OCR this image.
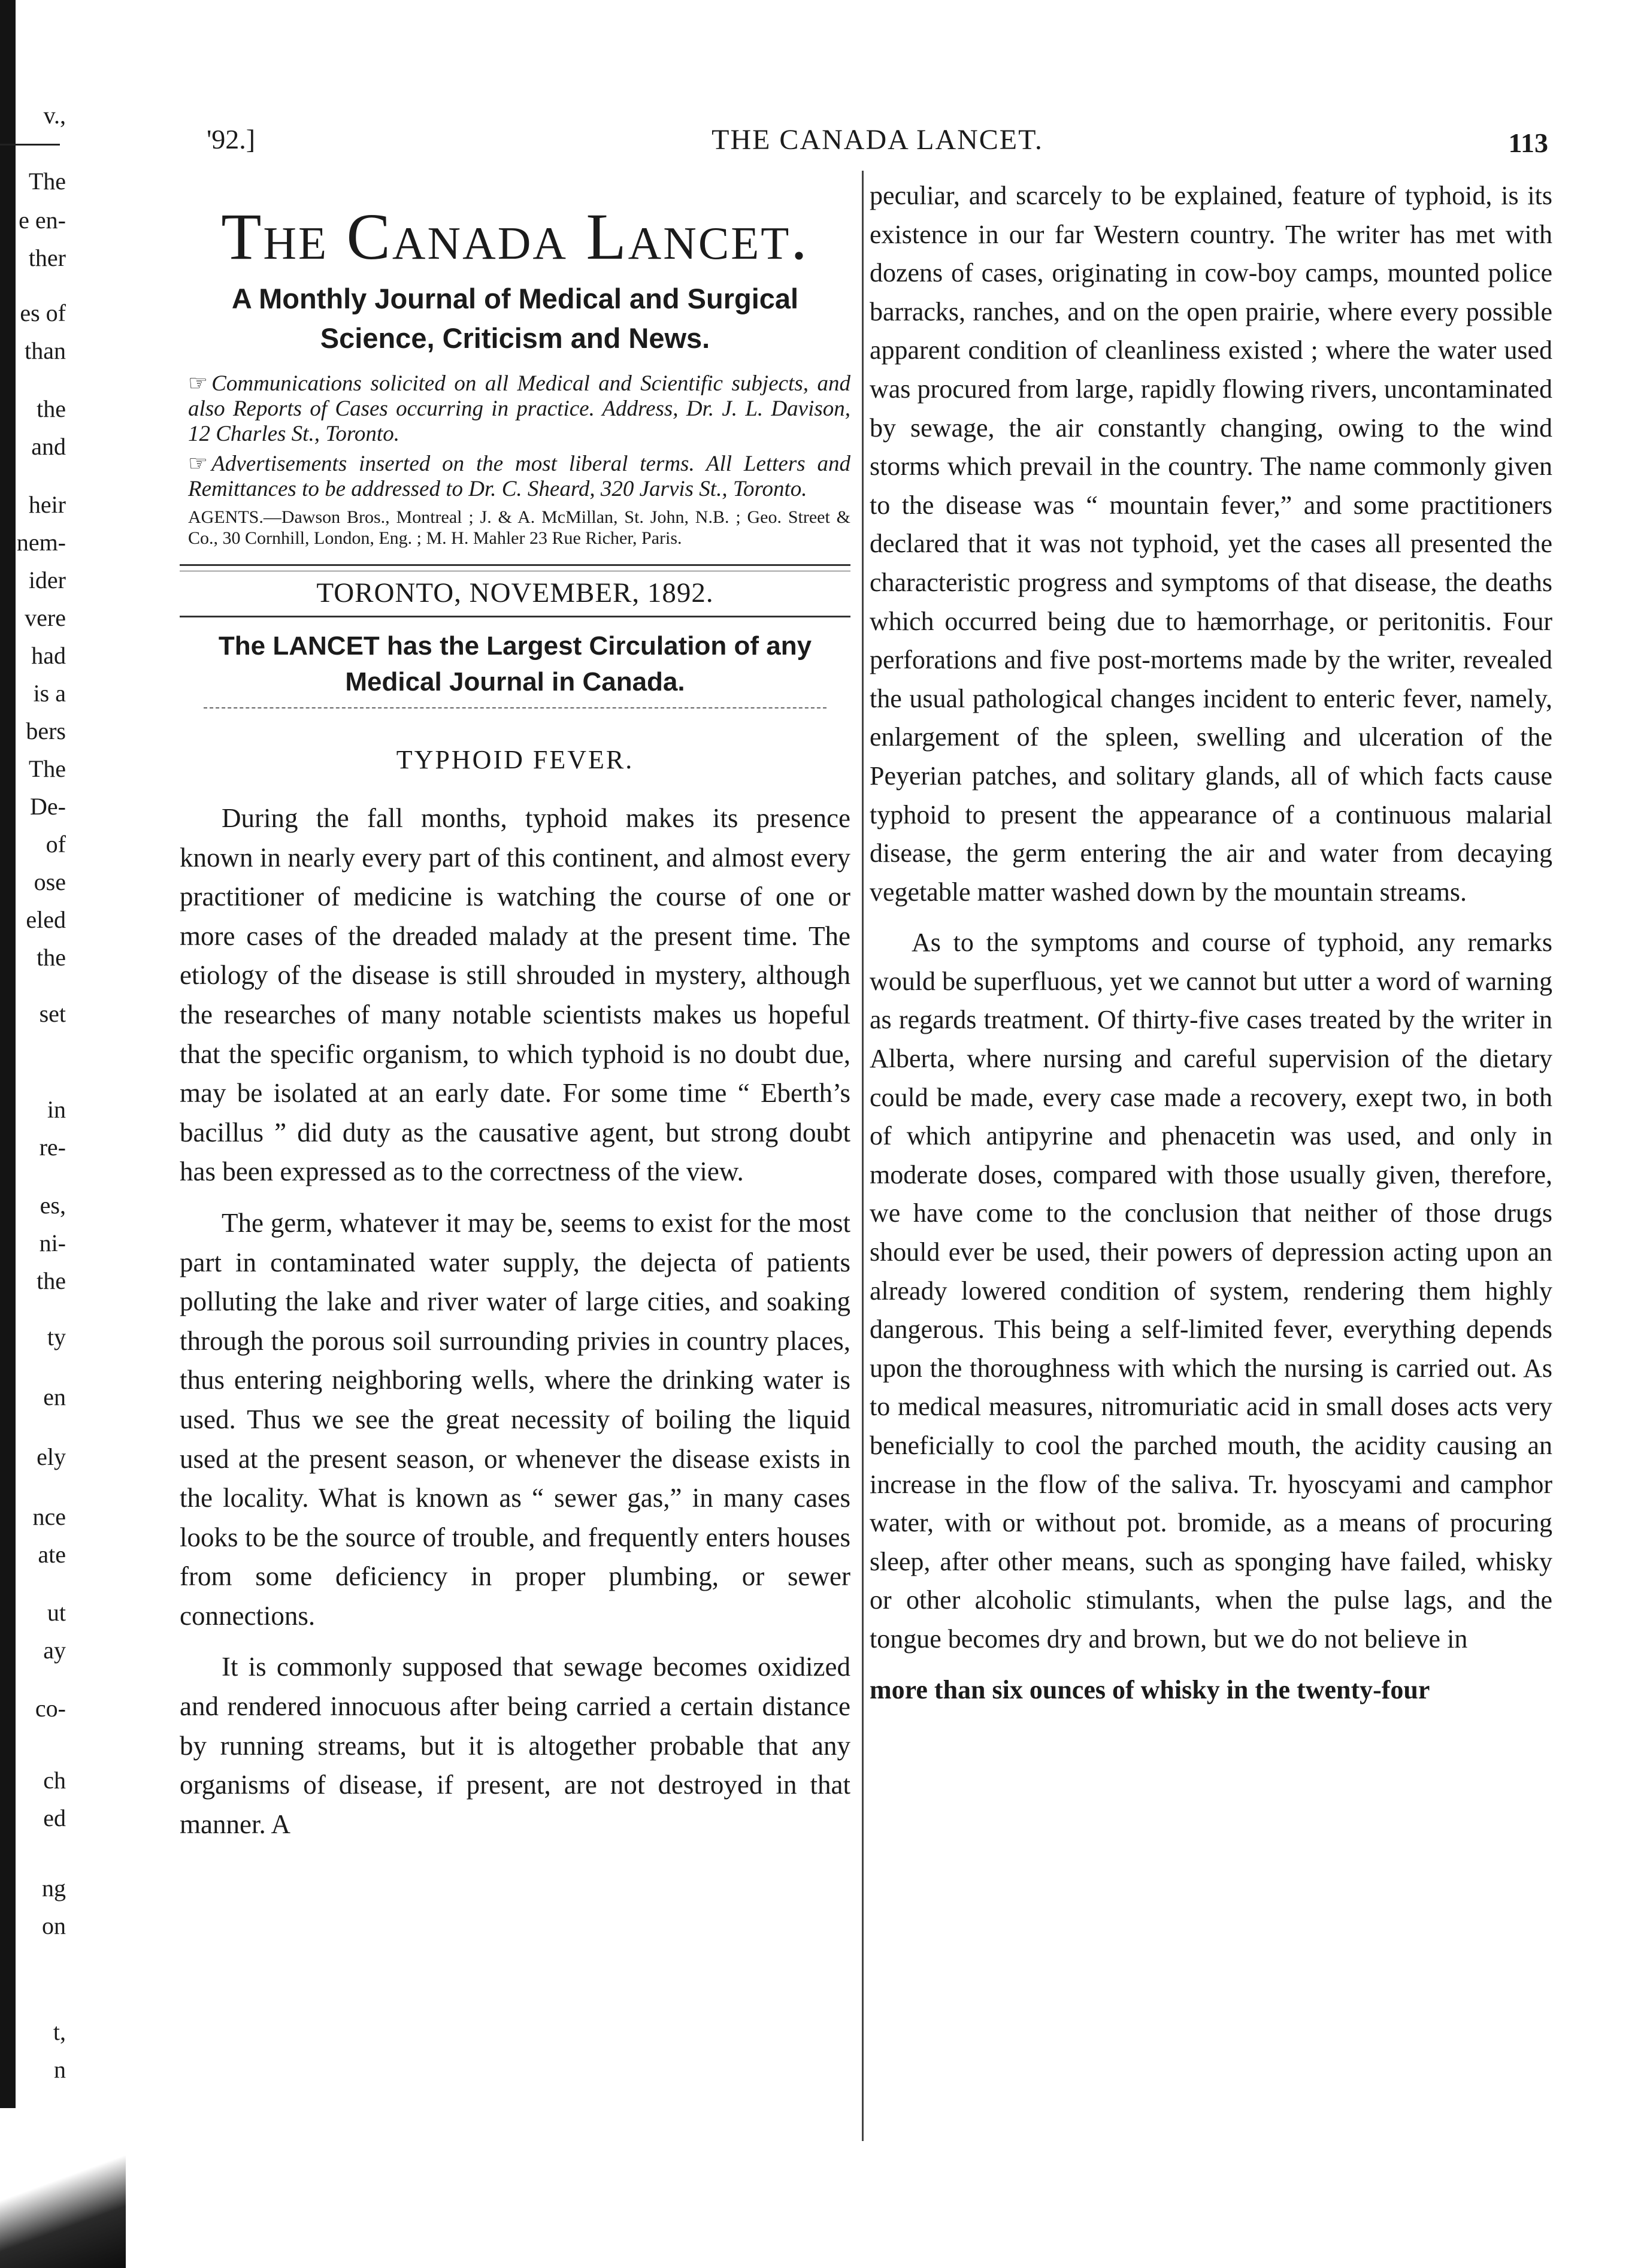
v.,
The
e en-
ther
es of
than
the
and
heir
nem-
ider
vere
had
is a
bers
The
De-
of
ose
eled
the
set
in
re-
es,
ni-
the
ty
en
ely
nce
ate
ut
ay
co-
ch
ed
ng
on
t,
n
'92.]	THE CANADA LANCET.	113
The Canada Lancet.
A Monthly Journal of Medical and Surgical Science, Criticism and News.

☞ Communications solicited on all Medical and Scientific subjects, and also Reports of Cases occurring in practice. Address, Dr. J. L. Davison, 12 Charles St., Toronto.

☞ Advertisements inserted on the most liberal terms. All Letters and Remittances to be addressed to Dr. C. Sheard, 320 Jarvis St., Toronto.

AGENTS.—Dawson Bros., Montreal ; J. & A. McMillan, St. John, N.B. ; Geo. Street & Co., 30 Cornhill, London, Eng. ; M. H. Mahler 23 Rue Richer, Paris.

TORONTO, NOVEMBER, 1892.

The LANCET has the Largest Circulation of any Medical Journal in Canada.

TYPHOID FEVER.

During the fall months, typhoid makes its presence known in nearly every part of this continent, and almost every practitioner of medicine is watching the course of one or more cases of the dreaded malady at the present time. The etiology of the disease is still shrouded in mystery, although the researches of many notable scientists makes us hopeful that the specific organism, to which typhoid is no doubt due, may be isolated at an early date. For some time “ Eberth’s bacillus ” did duty as the causative agent, but strong doubt has been expressed as to the correctness of the view.

The germ, whatever it may be, seems to exist for the most part in contaminated water supply, the dejecta of patients polluting the lake and river water of large cities, and soaking through the porous soil surrounding privies in country places, thus entering neighboring wells, where the drinking water is used. Thus we see the great necessity of boiling the liquid used at the present season, or whenever the disease exists in the locality. What is known as “ sewer gas,” in many cases looks to be the source of trouble, and frequently enters houses from some deficiency in proper plumbing, or sewer connections.

It is commonly supposed that sewage becomes oxidized and rendered innocuous after being carried a certain distance by running streams, but it is altogether probable that any organisms of disease, if present, are not destroyed in that manner. A

peculiar, and scarcely to be explained, feature of typhoid, is its existence in our far Western country. The writer has met with dozens of cases, originating in cow-boy camps, mounted police barracks, ranches, and on the open prairie, where every possible apparent condition of cleanliness existed ; where the water used was procured from large, rapidly flowing rivers, uncontaminated by sewage, the air constantly changing, owing to the wind storms which prevail in the country. The name commonly given to the disease was “ mountain fever,” and some practitioners declared that it was not typhoid, yet the cases all presented the characteristic progress and symptoms of that disease, the deaths which occurred being due to hæmorrhage, or peritonitis. Four perforations and five post-mortems made by the writer, revealed the usual pathological changes incident to enteric fever, namely, enlargement of the spleen, swelling and ulceration of the Peyerian patches, and solitary glands, all of which facts cause typhoid to present the appearance of a continuous malarial disease, the germ entering the air and water from decaying vegetable matter washed down by the mountain streams.

As to the symptoms and course of typhoid, any remarks would be superfluous, yet we cannot but utter a word of warning as regards treatment. Of thirty-five cases treated by the writer in Alberta, where nursing and careful supervision of the dietary could be made, every case made a recovery, exept two, in both of which antipyrine and phenacetin was used, and only in moderate doses, compared with those usually given, therefore, we have come to the conclusion that neither of those drugs should ever be used, their powers of depression acting upon an already lowered condition of system, rendering them highly dangerous. This being a self-limited fever, everything depends upon the thoroughness with which the nursing is carried out. As to medical measures, nitromuriatic acid in small doses acts very beneficially to cool the parched mouth, the acidity causing an increase in the flow of the saliva. Tr. hyoscyami and camphor water, with or without pot. bromide, as a means of procuring sleep, after other means, such as sponging have failed, whisky or other alcoholic stimulants, when the pulse lags, and the tongue becomes dry and brown, but we do not believe in

more than six ounces of whisky in the twenty-four
